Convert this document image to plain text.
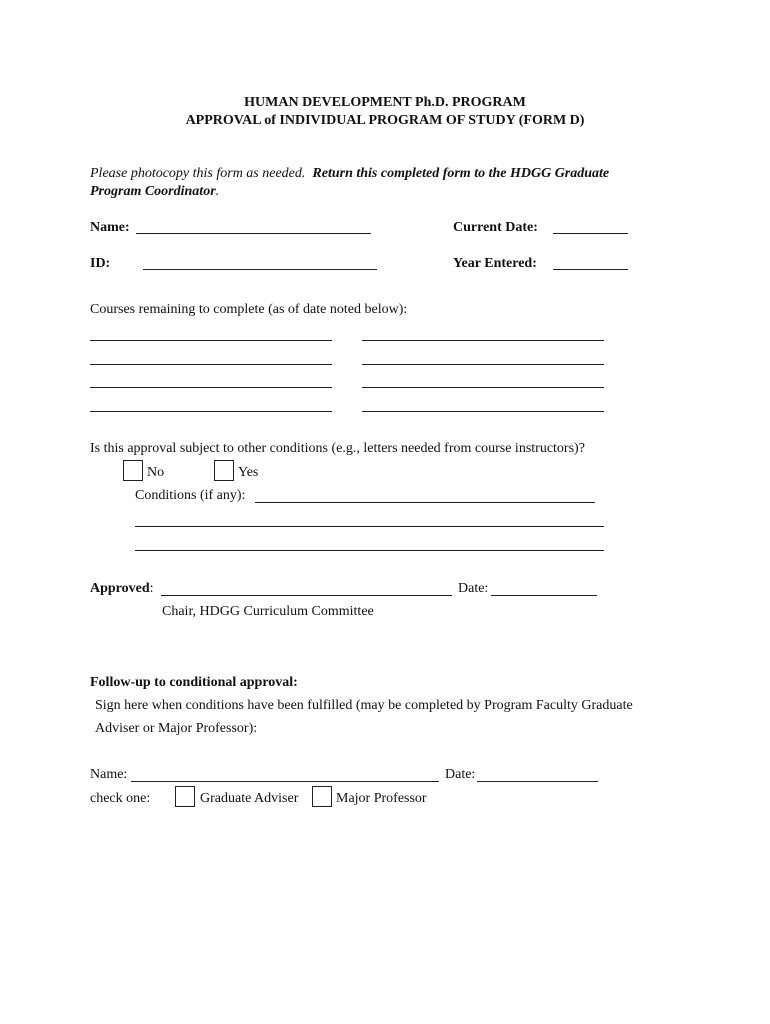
HUMAN DEVELOPMENT Ph.D. PROGRAM
APPROVAL of INDIVIDUAL PROGRAM OF STUDY (FORM D)
Please photocopy this form as needed. Return this completed form to the HDGG Graduate
Program Coordinator.
Name:	Current Date:
ID:	Year Entered:
Courses remaining to complete (as of date noted below):
Is this approval subject to other conditions (e.g., letters needed from course instructors)?
No	Yes
Conditions (if any):
Approved:	Date:
Chair, HDGG Curriculum Committee
Follow-up to conditional approval:
Sign here when conditions have been fulfilled (may be completed by Program Faculty Graduate
Adviser or Major Professor):
Name:	Date:
check one:	Graduate Adviser	Major Professor
